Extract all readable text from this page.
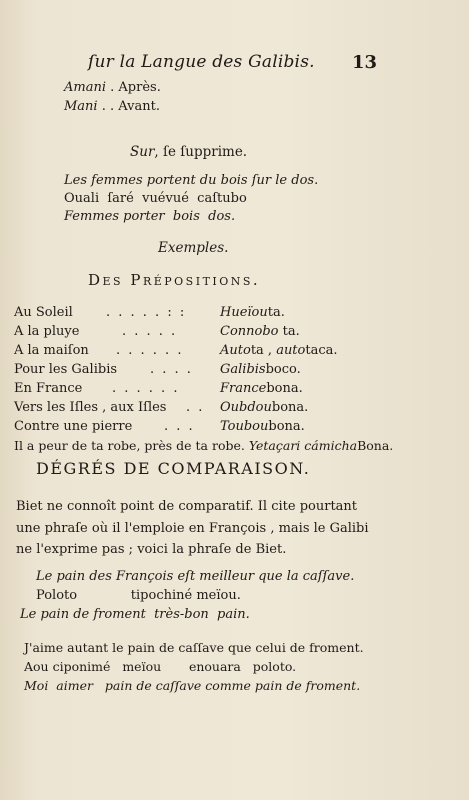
ſur la Langue des Galibis. 13
Amani . Après.
Mani . . Avant.
Sur, ſe ſupprime.
Les femmes portent du bois ſur le dos.
Ouali  ſaré  vuévué  caſtubo
Femmes porter  bois  dos.
Exemples.
Des Prépositions.
Au Soleil	. . . . . : :	Hueïouta.
A la pluye	. . . . .	Connobo ta.
A la maiſon . . . . . .	Autota , autotaca.
Pour les Galibis	. . . . Galibisboco.
En France . . . . . .	Francebona.
Vers les Iſles , aux Iſles . . Oubdoubona.
Contre une pierre . . . Touboubona.
Il a peur de ta robe, près de ta robe. Yetaçari cámichaBona.
DÉGRÉS DE COMPARAISON.

Biet ne connoît point de comparatif. Il cite pourtant

une phraſe où il l'emploie en François , mais le Galibi

ne l'exprime pas ; voici la phraſe de Biet.

Le pain des François eſt meilleur que la caſſave.
Poloto             tipochiné meïou.
Le pain de froment  très-bon  pain.
J'aime autant le pain de caſſave que celui de froment.
Aou ciponimé   meïou       enouara   poloto.
Moi  aimer   pain de caſſave comme pain de froment.
